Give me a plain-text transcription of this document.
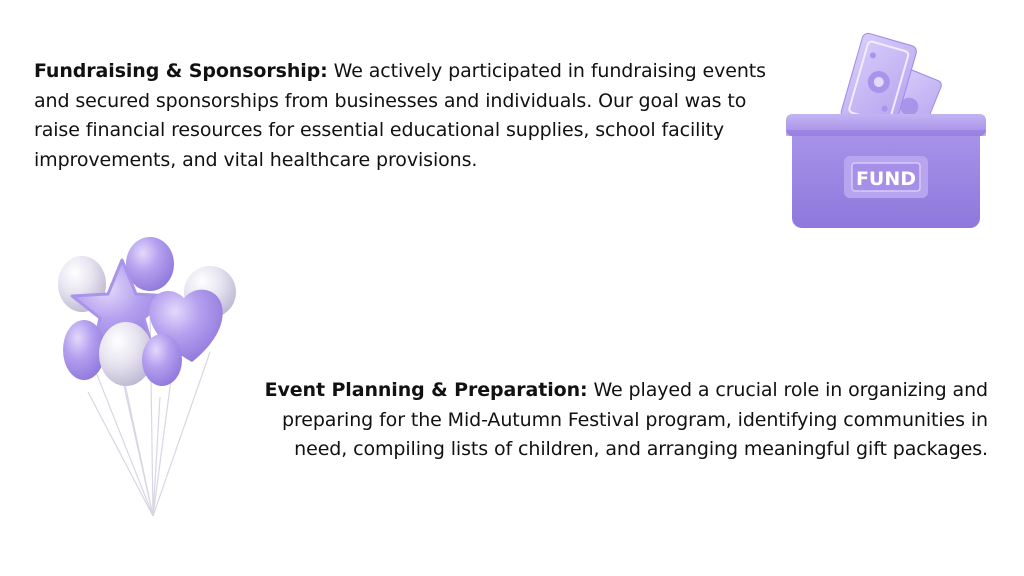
Fundraising & Sponsorship: We actively participated in fundraising events and secured sponsorships from businesses and individuals. Our goal was to raise financial resources for essential educational supplies, school facility improvements, and vital healthcare provisions.
Event Planning & Preparation: We played a crucial role in organizing and preparing for the Mid-Autumn Festival program, identifying communities in need, compiling lists of children, and arranging meaningful gift packages.
FUND
